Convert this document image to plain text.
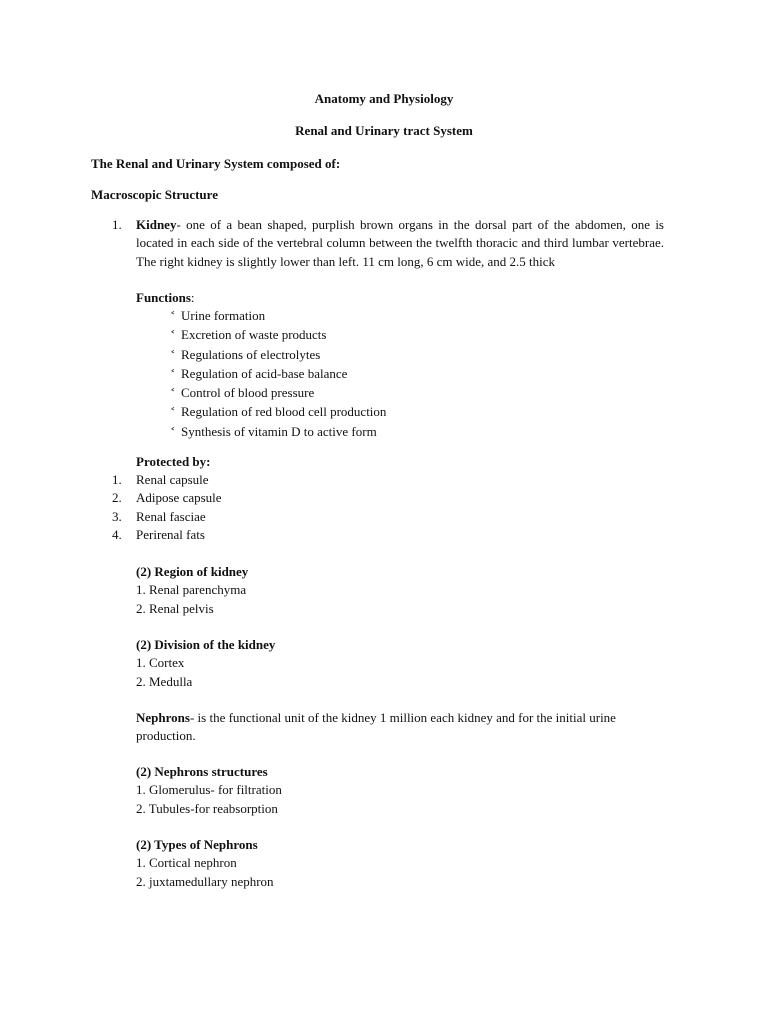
Anatomy and Physiology
Renal and Urinary tract System
The Renal and Urinary System composed of:
Macroscopic Structure
1. Kidney- one of a bean shaped, purplish brown organs in the dorsal part of the abdomen, one is located in each side of the vertebral column between the twelfth thoracic and third lumbar vertebrae. The right kidney is slightly lower than left. 11 cm long, 6 cm wide, and 2.5 thick
Functions:
˂ Urine formation
˂ Excretion of waste products
˂ Regulations of electrolytes
˂ Regulation of acid-base balance
˂ Control of blood pressure
˂ Regulation of red blood cell production
˂ Synthesis of vitamin D to active form
Protected by:
1. Renal capsule
2. Adipose capsule
3. Renal fasciae
4. Perirenal fats
(2) Region of kidney
1. Renal parenchyma
2. Renal pelvis
(2) Division of the kidney
1. Cortex
2. Medulla
Nephrons- is the functional unit of the kidney 1 million each kidney and for the initial urine
production.
(2) Nephrons structures
1. Glomerulus- for filtration
2. Tubules-for reabsorption
(2) Types of Nephrons
1. Cortical nephron
2. juxtamedullary nephron
